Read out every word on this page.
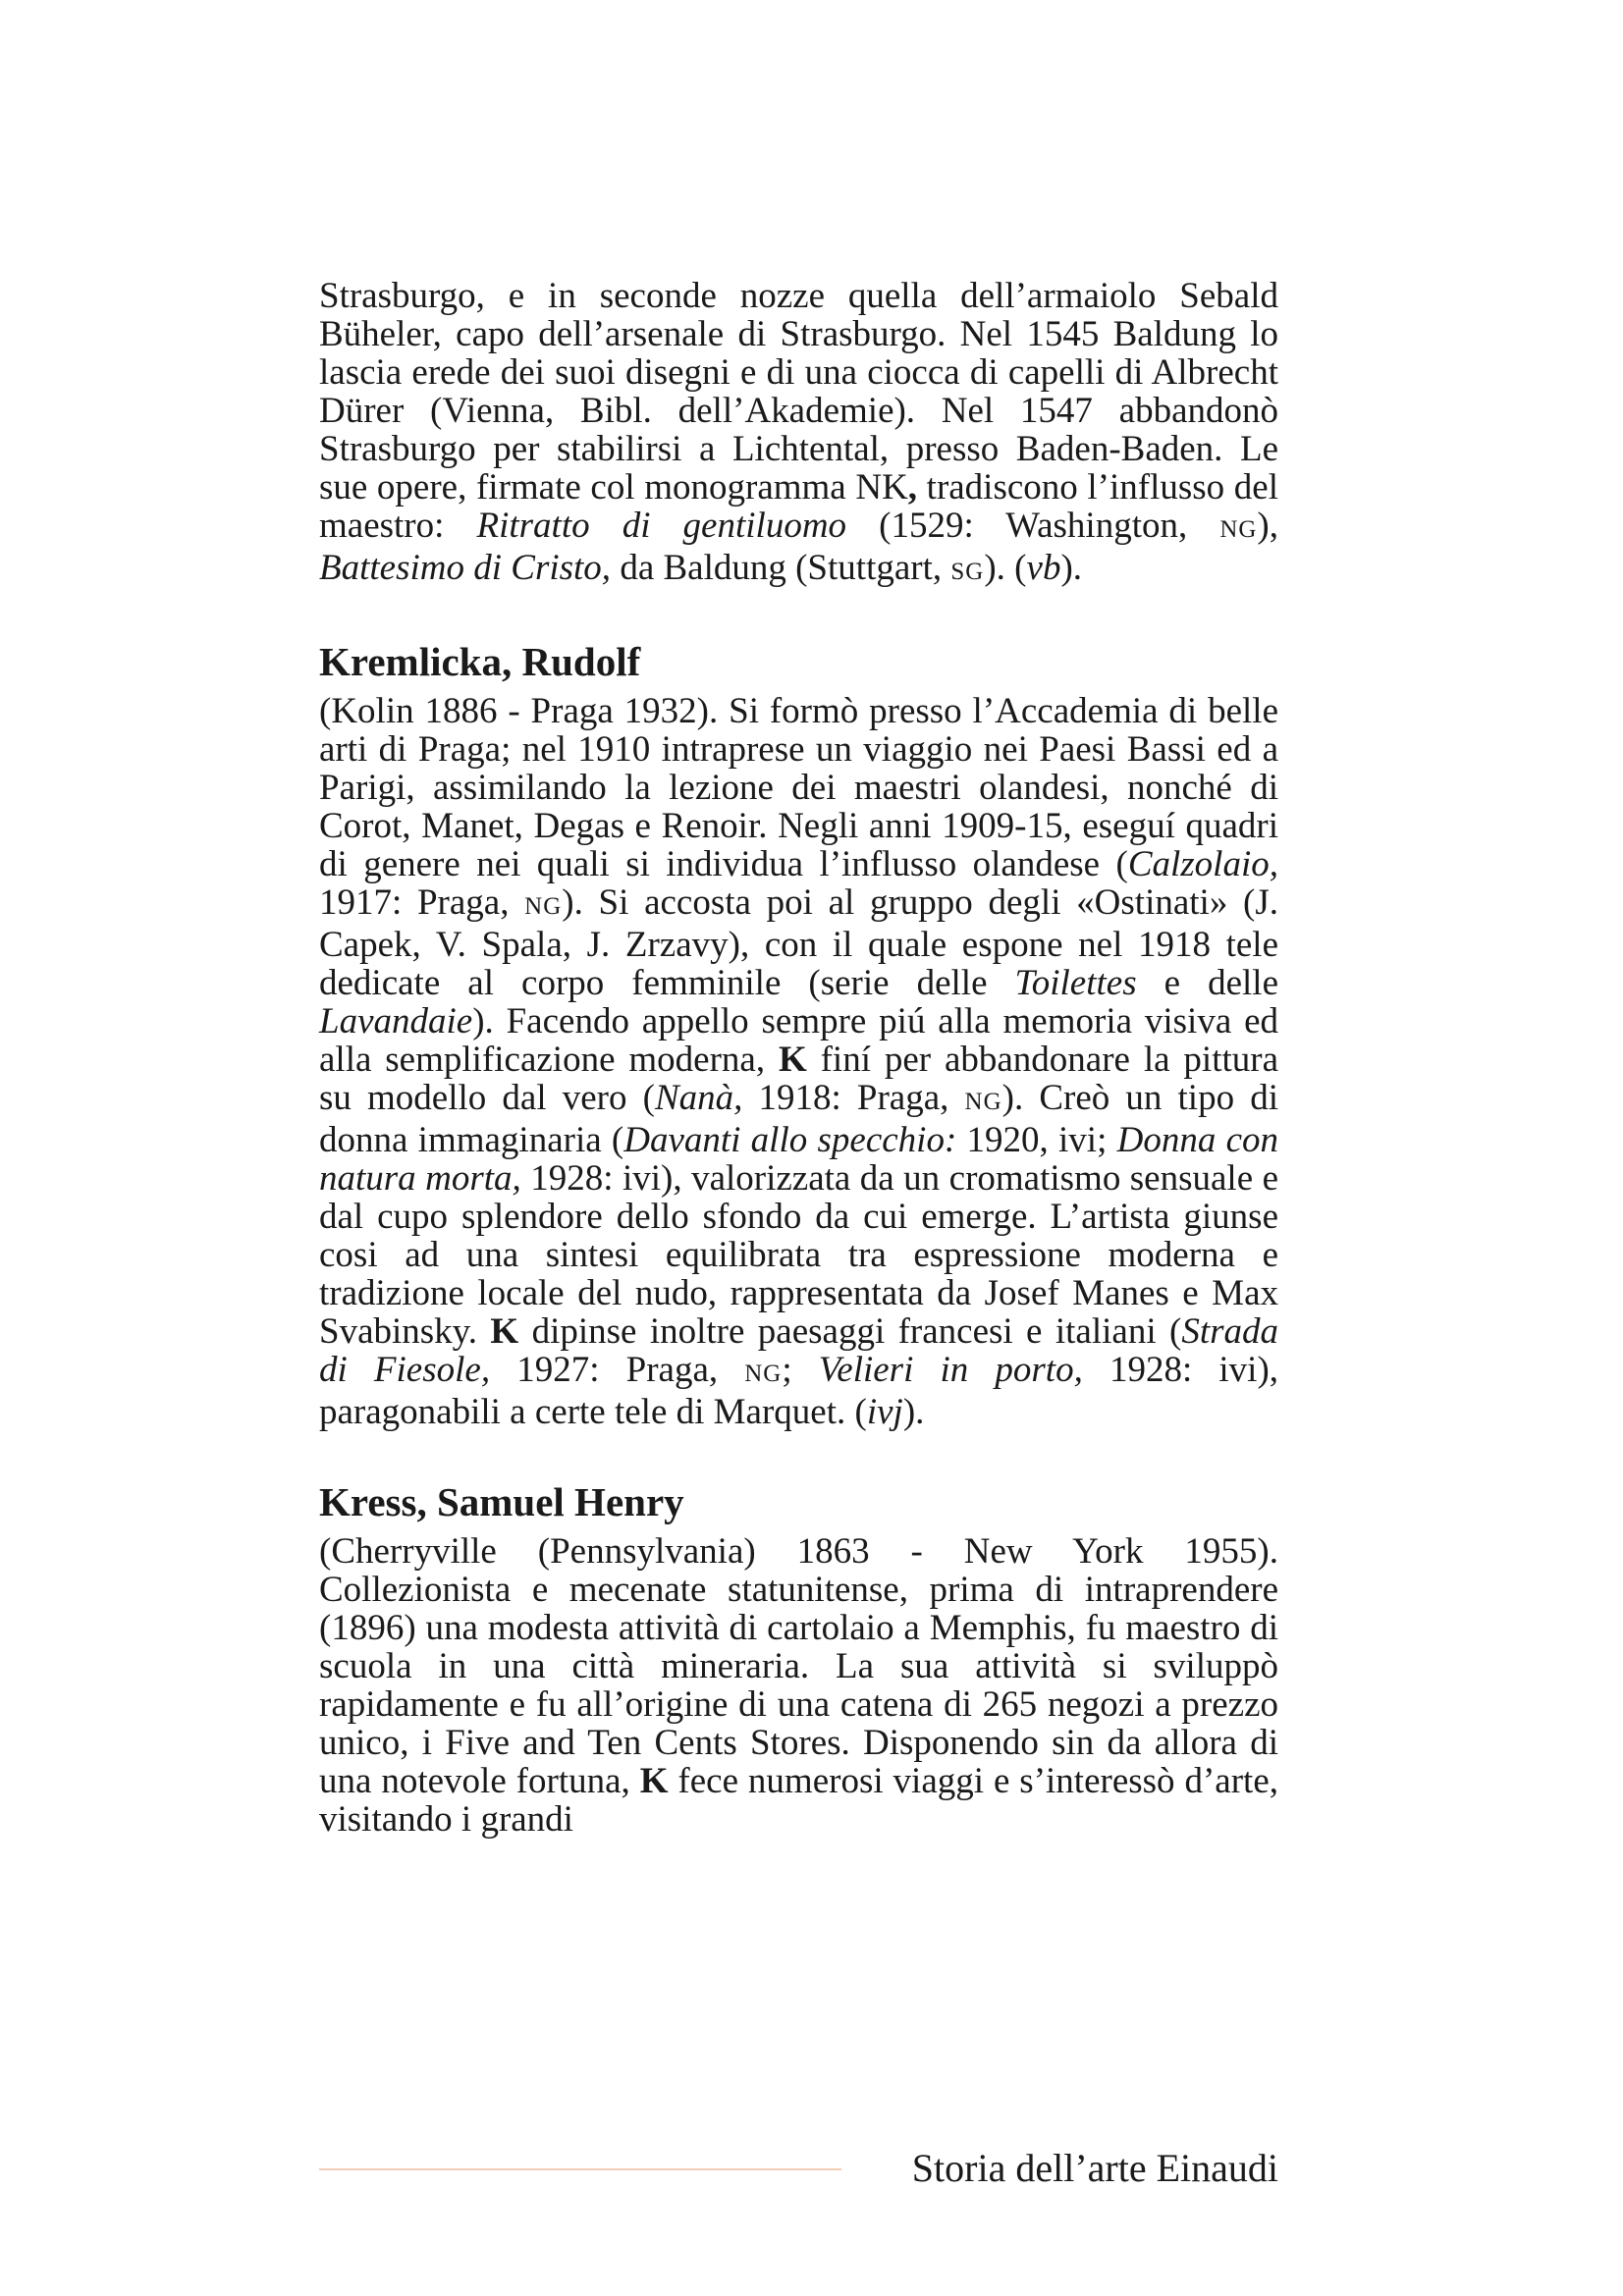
Strasburgo, e in seconde nozze quella dell’armaiolo Sebald Büheler, capo dell’arsenale di Strasburgo. Nel 1545 Baldung lo lascia erede dei suoi disegni e di una ciocca di capelli di Albrecht Dürer (Vienna, Bibl. dell’Akademie). Nel 1547 abbandonò Strasburgo per stabilirsi a Lichtental, presso Baden-Baden. Le sue opere, firmate col monogramma NK, tradiscono l’influsso del maestro: Ritratto di gentiluomo (1529: Washington, NG), Battesimo di Cristo, da Baldung (Stuttgart, SG). (vb).

Kremlicka, Rudolf

(Kolin 1886 - Praga 1932). Si formò presso l’Accademia di belle arti di Praga; nel 1910 intraprese un viaggio nei Paesi Bassi ed a Parigi, assimilando la lezione dei maestri olandesi, nonché di Corot, Manet, Degas e Renoir. Negli anni 1909-15, eseguí quadri di genere nei quali si individua l’influsso olandese (Calzolaio, 1917: Praga, NG). Si accosta poi al gruppo degli «Ostinati» (J. Capek, V. Spala, J. Zrzavy), con il quale espone nel 1918 tele dedicate al corpo femminile (serie delle Toilettes e delle Lavandaie). Facendo appello sempre piú alla memoria visiva ed alla semplificazione moderna, K finí per abbandonare la pittura su modello dal vero (Nanà, 1918: Praga, NG). Creò un tipo di donna immaginaria (Davanti allo specchio: 1920, ivi; Donna con natura morta, 1928: ivi), valorizzata da un cromatismo sensuale e dal cupo splendore dello sfondo da cui emerge. L’artista giunse cosi ad una sintesi equilibrata tra espressione moderna e tradizione locale del nudo, rappresentata da Josef Manes e Max Svabinsky. K dipinse inoltre paesaggi francesi e italiani (Strada di Fiesole, 1927: Praga, NG; Velieri in porto, 1928: ivi), paragonabili a certe tele di Marquet. (ivj).

Kress, Samuel Henry

(Cherryville (Pennsylvania) 1863 - New York 1955). Collezionista e mecenate statunitense, prima di intraprendere (1896) una modesta attività di cartolaio a Memphis, fu maestro di scuola in una città mineraria. La sua attività si sviluppò rapidamente e fu all’origine di una catena di 265 negozi a prezzo unico, i Five and Ten Cents Stores. Disponendo sin da allora di una notevole fortuna, K fece numerosi viaggi e s’interessò d’arte, visitando i grandi

Storia dell’arte Einaudi
